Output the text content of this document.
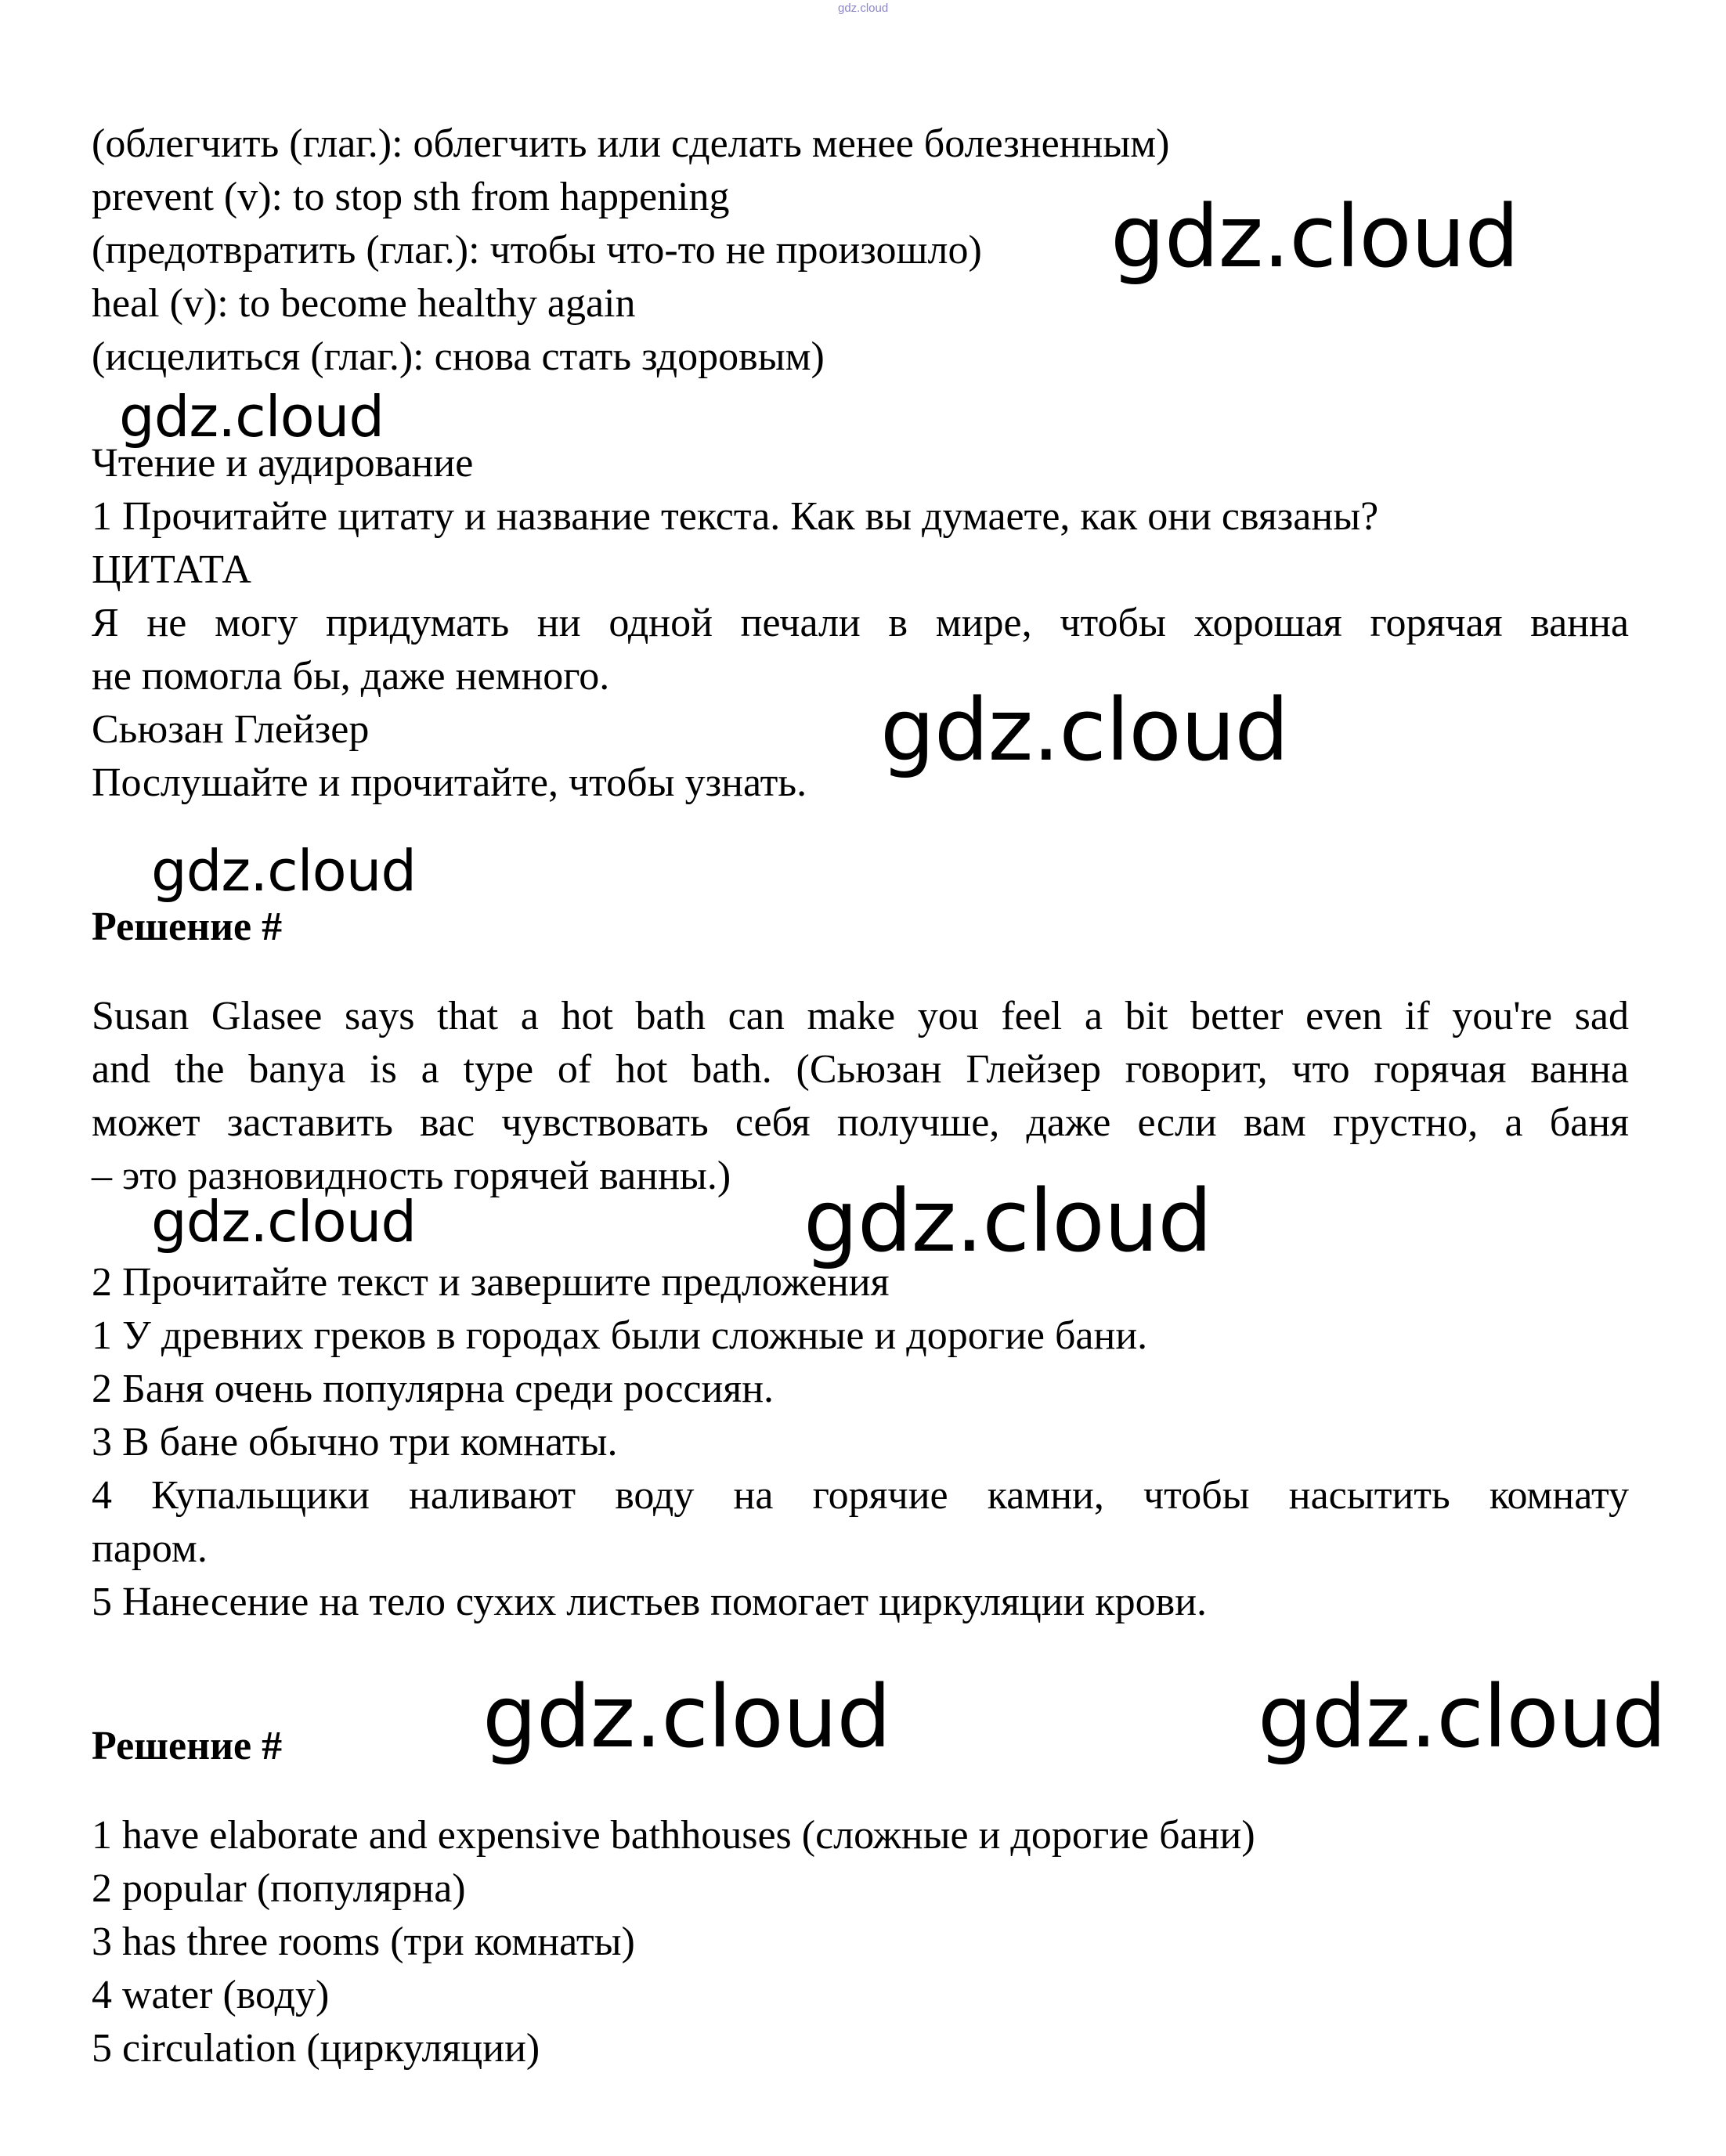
gdz.cloud
(облегчить (глаг.): облегчить или сделать менее болезненным)
prevent (v): to stop sth from happening
(предотвратить (глаг.): чтобы что-то не произошло)
heal (v): to become healthy again
(исцелиться (глаг.): снова стать здоровым)
Чтение и аудирование
1 Прочитайте цитату и название текста. Как вы думаете, как они связаны?
ЦИТАТА
Я не могу придумать ни одной печали в мире, чтобы хорошая горячая ванна
не помогла бы, даже немного.
Сьюзан Глейзер
Послушайте и прочитайте, чтобы узнать.
Решение #
Susan Glasee says that a hot bath can make you feel a bit better even if you're sad
and the banya is a type of hot bath. (Сьюзан Глейзер говорит, что горячая ванна
может заставить вас чувствовать себя получше, даже если вам грустно, а баня
– это разновидность горячей ванны.)
2 Прочитайте текст и завершите предложения
1 У древних греков в городах были сложные и дорогие бани.
2 Баня очень популярна среди россиян.
3 В бане обычно три комнаты.
4 Купальщики наливают воду на горячие камни, чтобы насытить комнату
паром.
5 Нанесение на тело сухих листьев помогает циркуляции крови.
Решение #
1 have elaborate and expensive bathhouses (сложные и дорогие бани)
2 popular (популярна)
3 has three rooms (три комнаты)
4 water (воду)
5 circulation (циркуляции)
gdz.cloud
gdz.cloud
gdz.cloud
gdz.cloud
gdz.cloud	gdz.cloud
gdz.cloud	gdz.cloud
